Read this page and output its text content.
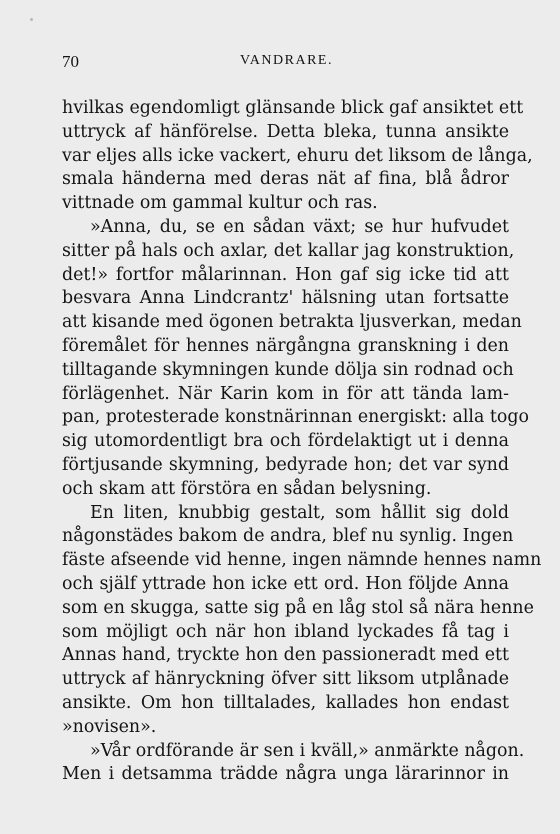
70	VANDRARE.
hvilkas egendomligt glänsande blick gaf ansiktet ett
uttryck af hänförelse. Detta bleka, tunna ansikte
var eljes alls icke vackert, ehuru det liksom de långa,
smala händerna med deras nät af fina, blå ådror
vittnade om gammal kultur och ras.
»Anna, du, se en sådan växt; se hur hufvudet
sitter på hals och axlar, det kallar jag konstruktion,
det!» fortfor målarinnan. Hon gaf sig icke tid att
besvara Anna Lindcrantz' hälsning utan fortsatte
att kisande med ögonen betrakta ljusverkan, medan
föremålet för hennes närgångna granskning i den
tilltagande skymningen kunde dölja sin rodnad och
förlägenhet. När Karin kom in för att tända lam-
pan, protesterade konstnärinnan energiskt: alla togo
sig utomordentligt bra och fördelaktigt ut i denna
förtjusande skymning, bedyrade hon; det var synd
och skam att förstöra en sådan belysning.
En liten, knubbig gestalt, som hållit sig dold
någonstädes bakom de andra, blef nu synlig. Ingen
fäste afseende vid henne, ingen nämnde hennes namn
och själf yttrade hon icke ett ord. Hon följde Anna
som en skugga, satte sig på en låg stol så nära henne
som möjligt och när hon ibland lyckades få tag i
Annas hand, tryckte hon den passioneradt med ett
uttryck af hänryckning öfver sitt liksom utplånade
ansikte. Om hon tilltalades, kallades hon endast
»novisen».
»Vår ordförande är sen i kväll,» anmärkte någon.
Men i detsamma trädde några unga lärarinnor in
